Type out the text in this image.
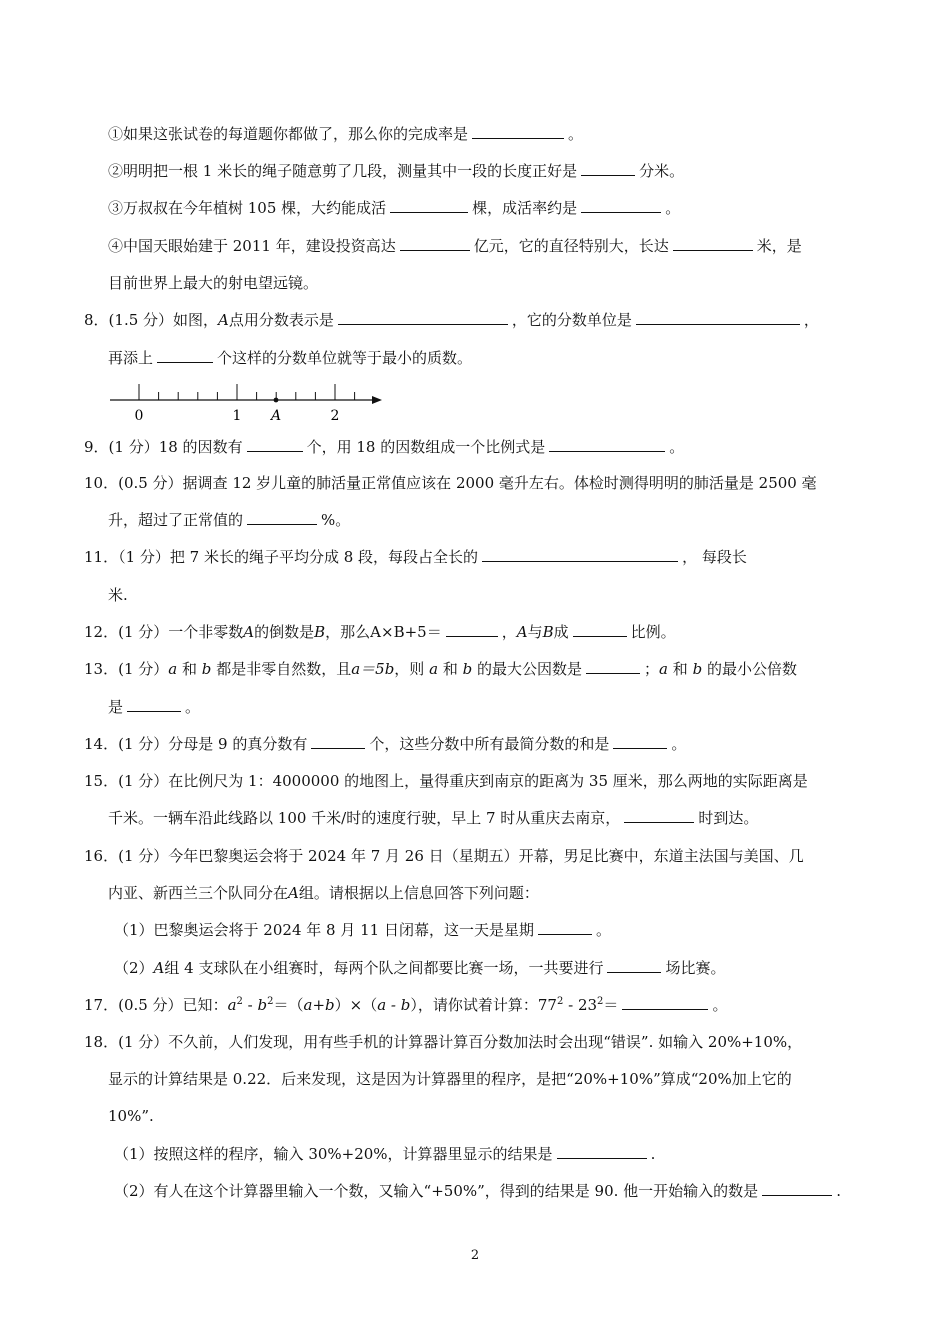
①如果这张试卷的每道题你都做了，那么你的完成率是	。
②明明把一根 1 米长的绳子随意剪了几段，测量其中一段的长度正好是	分米。
③万叔叔在今年植树 105 棵，大约能成活	棵，成活率约是	。
④中国天眼始建于 2011 年，建设投资高达	亿元，它的直径特别大，长达	米，是
目前世界上最大的射电望远镜。
8．(1.5 分）如图，A点用分数表示是	，它的分数单位是	，
再添上	个这样的分数单位就等于最小的质数。
0	1 A	2
9．(1 分）18 的因数有	个，用 18 的因数组成一个比例式是	。
10．(0.5 分）据调查 12 岁儿童的肺活量正常值应该在 2000 毫升左右。体检时测得明明的肺活量是 2500 毫
升，超过了正常值的	%。
11．（1 分）把 7 米长的绳子平均分成 8 段，每段占全长的	， 每段长
米.
12．(1 分）一个非零数A的倒数是B，那么A×B+5＝	，A与B成	比例。
13．(1 分）a 和 b 都是非零自然数，且a＝5b，则 a 和 b 的最大公因数是	；a 和 b 的最小公倍数
是	。
14．(1 分）分母是 9 的真分数有	个，这些分数中所有最简分数的和是	。
15．(1 分）在比例尺为 1：4000000 的地图上，量得重庆到南京的距离为 35 厘米，那么两地的实际距离是
千米。一辆车沿此线路以 100 千米/时的速度行驶，早上 7 时从重庆去南京，	时到达。
16．(1 分）今年巴黎奥运会将于 2024 年 7 月 26 日（星期五）开幕，男足比赛中，东道主法国与美国、几
内亚、新西兰三个队同分在A组。请根据以上信息回答下列问题：
（1）巴黎奥运会将于 2024 年 8 月 11 日闭幕，这一天是星期	。
（2）A组 4 支球队在小组赛时，每两个队之间都要比赛一场，一共要进行	场比赛。
17．(0.5 分）已知：$a^2 - b^2=(a+b)\times(a - b)$，请你试着计算：$77^2 - 23^2=$	。
18．(1 分）不久前，人们发现，用有些手机的计算器计算百分数加法时会出现“错误”. 如输入 20%+10%，
显示的计算结果是 0.22．后来发现，这是因为计算器里的程序，是把“20%+10%”算成“20%加上它的
10%”.
（1）按照这样的程序，输入 30%+20%，计算器里显示的结果是	.
（2）有人在这个计算器里输入一个数，又输入“+50%”，得到的结果是 90. 他一开始输入的数是	.
2
